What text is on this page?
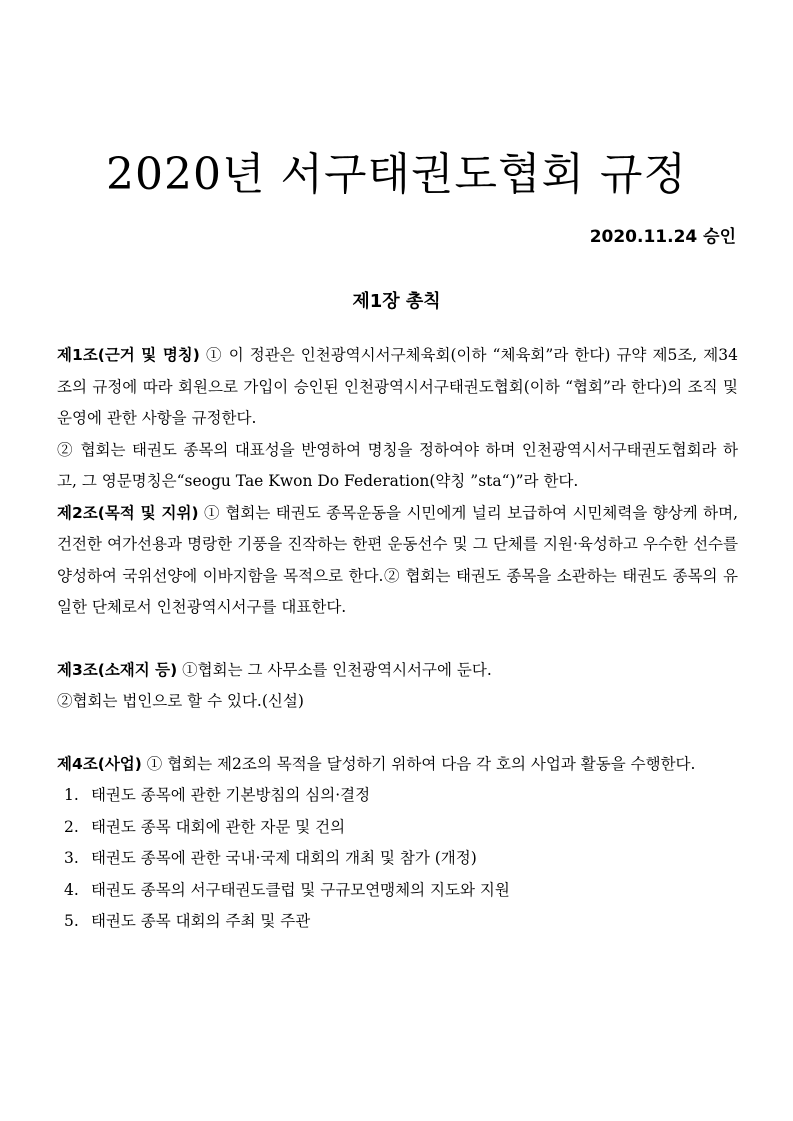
2020년 서구태권도협회 규정
2020.11.24 승인
제1장 총칙

제1조(근거 및 명칭) ① 이 정관은 인천광역시서구체육회(이하 “체육회”라 한다) 규약 제5조, 제34조의 규정에 따라 회원으로 가입이 승인된 인천광역시서구태권도협회(이하 “협회”라 한다)의 조직 및 운영에 관한 사항을 규정한다.

② 협회는 태권도 종목의 대표성을 반영하여 명칭을 정하여야 하며 인천광역시서구태권도협회라 하고, 그 영문명칭은“seogu Tae Kwon Do Federation(약칭 ”sta“)”라 한다.

제2조(목적 및 지위) ① 협회는 태권도 종목운동을 시민에게 널리 보급하여 시민체력을 향상케 하며, 건전한 여가선용과 명랑한 기풍을 진작하는 한편 운동선수 및 그 단체를 지원·육성하고 우수한 선수를 양성하여 국위선양에 이바지함을 목적으로 한다.② 협회는 태권도 종목을 소관하는 태권도 종목의 유일한 단체로서 인천광역시서구를 대표한다.

제3조(소재지 등) ①협회는 그 사무소를 인천광역시서구에 둔다.

②협회는 법인으로 할 수 있다.(신설)

제4조(사업) ① 협회는 제2조의 목적을 달성하기 위하여 다음 각 호의 사업과 활동을 수행한다.

1. 태권도 종목에 관한 기본방침의 심의·결정
2. 태권도 종목 대회에 관한 자문 및 건의
3. 태권도 종목에 관한 국내·국제 대회의 개최 및 참가 (개정)
4. 태권도 종목의 서구태권도클럽 및 구규모연맹체의 지도와 지원
5. 태권도 종목 대회의 주최 및 주관
